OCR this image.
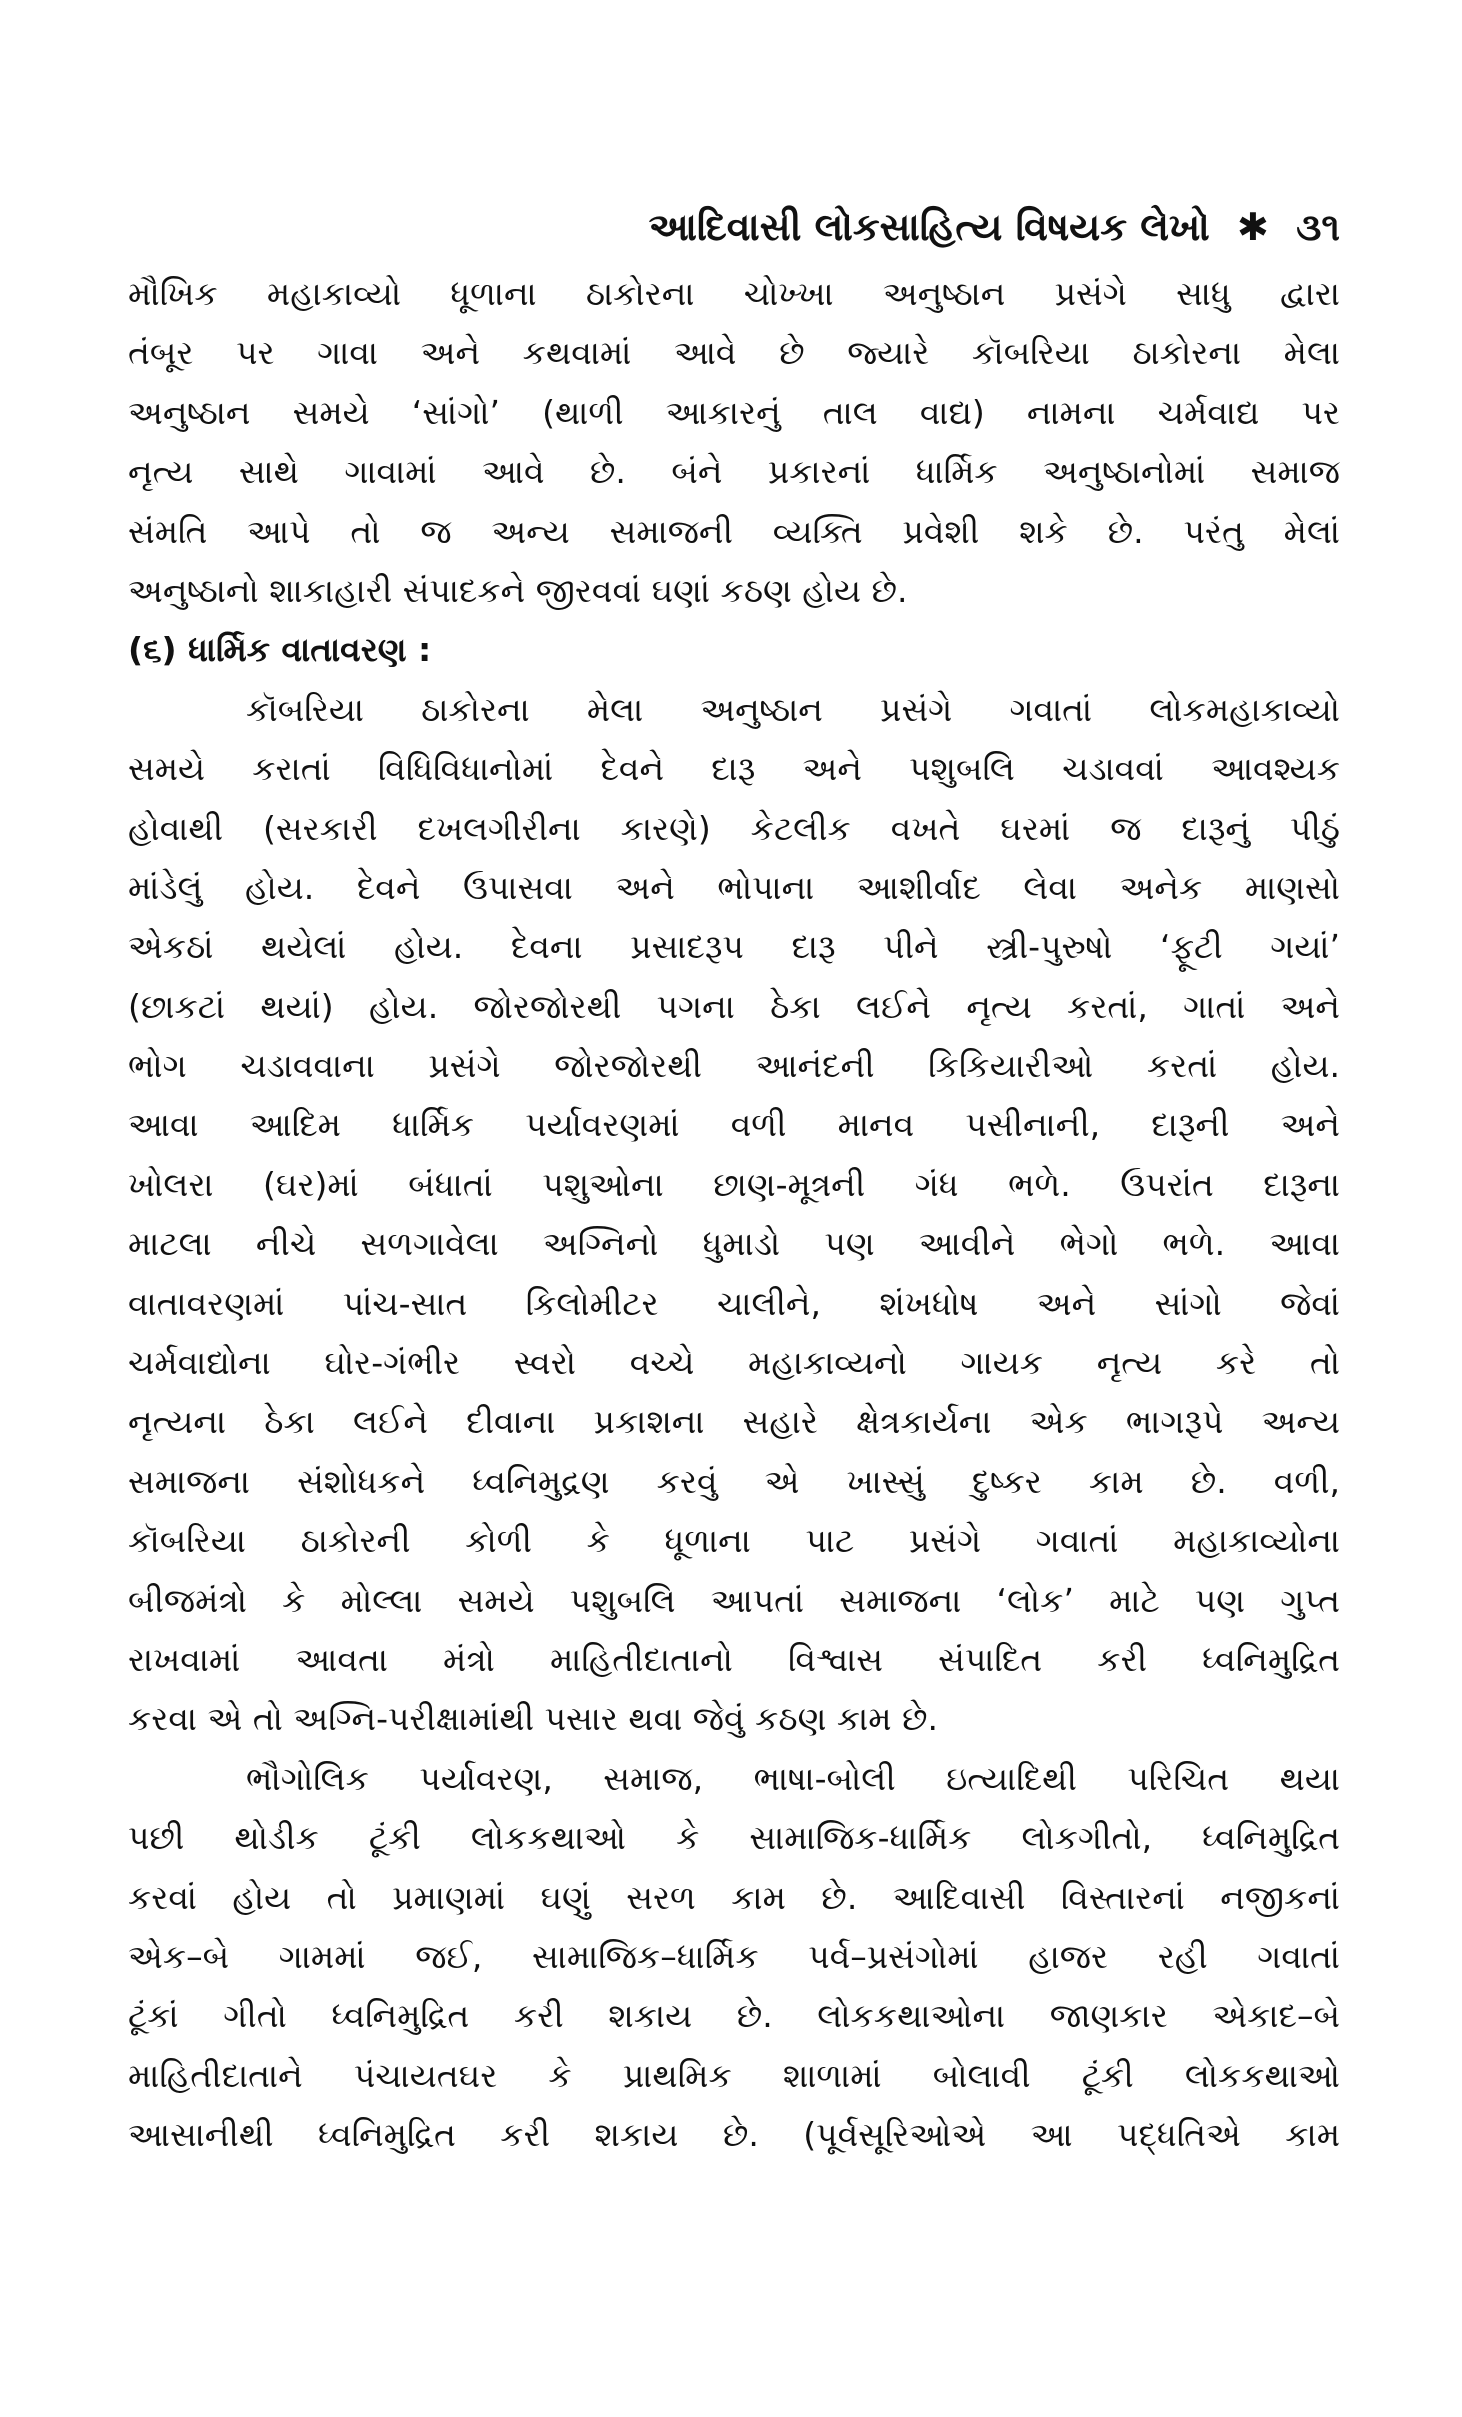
આદિવાસી લોકસાહિત્ય વિષયક લેખો ✱ ૩૧
મૌખિક મહાકાવ્યો ધૂળાના ઠાકોરના ચોખ્ખા અનુષ્ઠાન પ્રસંગે સાધુ દ્વારા
તંબૂર પર ગાવા અને કથવામાં આવે છે જ્યારે કૉબરિયા ઠાકોરના મેલા
અનુષ્ઠાન સમયે ‘સાંગો’ (થાળી આકારનું તાલ વાદ્ય) નામના ચર્મવાદ્ય પર
નૃત્ય સાથે ગાવામાં આવે છે. બંને પ્રકારનાં ધાર્મિક અનુષ્ઠાનોમાં સમાજ
સંમતિ આપે તો જ અન્ય સમાજની વ્યક્તિ પ્રવેશી શકે છે. પરંતુ મેલાં
અનુષ્ઠાનો શાકાહારી સંપાદકને જીરવવાં ઘણાં કઠણ હોય છે.
(૬) ધાર્મિક વાતાવરણ :
કૉબરિયા ઠાકોરના મેલા અનુષ્ઠાન પ્રસંગે ગવાતાં લોકમહાકાવ્યો
સમયે કરાતાં વિધિવિધાનોમાં દેવને દારૂ અને પશુબલિ ચડાવવાં આવશ્યક
હોવાથી (સરકારી દખલગીરીના કારણે) કેટલીક વખતે ઘરમાં જ દારૂનું પીઠું
માંડેલું હોય. દેવને ઉપાસવા અને ભોપાના આશીર્વાદ લેવા અનેક માણસો
એકઠાં થયેલાં હોય. દેવના પ્રસાદરૂપ દારૂ પીને સ્ત્રી-પુરુષો ‘ફૂટી ગયાં’
(છાકટાં થયાં) હોય. જોરજોરથી પગના ઠેકા લઈને નૃત્ય કરતાં, ગાતાં અને
ભોગ ચડાવવાના પ્રસંગે જોરજોરથી આનંદની કિકિયારીઓ કરતાં હોય.
આવા આદિમ ધાર્મિક પર્યાવરણમાં વળી માનવ પસીનાની, દારૂની અને
ખોલરા (ઘર)માં બંધાતાં પશુઓના છાણ-મૂત્રની ગંધ ભળે. ઉપરાંત દારૂના
માટલા નીચે સળગાવેલા અગ્નિનો ધુમાડો પણ આવીને ભેગો ભળે. આવા
વાતાવરણમાં પાંચ-સાત કિલોમીટર ચાલીને, શંખધોષ અને સાંગો જેવાં
ચર્મવાદ્યોના ઘોર-ગંભીર સ્વરો વચ્ચે મહાકાવ્યનો ગાયક નૃત્ય કરે તો
નૃત્યના ઠેકા લઈને દીવાના પ્રકાશના સહારે ક્ષેત્રકાર્યના એક ભાગરૂપે અન્ય
સમાજના સંશોધકને ધ્વનિમુદ્રણ કરવું એ ખાસ્સું દુષ્કર કામ છે. વળી,
કૉબરિયા ઠાકોરની કોળી કે ધૂળાના પાટ પ્રસંગે ગવાતાં મહાકાવ્યોના
બીજમંત્રો કે મોલ્લા સમયે પશુબલિ આપતાં સમાજના ‘લોક’ માટે પણ ગુપ્ત
રાખવામાં આવતા મંત્રો માહિતીદાતાનો વિશ્વાસ સંપાદિત કરી ધ્વનિમુદ્રિત
કરવા એ તો અગ્નિ-પરીક્ષામાંથી પસાર થવા જેવું કઠણ કામ છે.
ભૌગોલિક પર્યાવરણ, સમાજ, ભાષા-બોલી ઇત્યાદિથી પરિચિત થયા
પછી થોડીક ટૂંકી લોકકથાઓ કે સામાજિક-ધાર્મિક લોકગીતો, ધ્વનિમુદ્રિત
કરવાં હોય તો પ્રમાણમાં ઘણું સરળ કામ છે. આદિવાસી વિસ્તારનાં નજીકનાં
એક–બે ગામમાં જઈ, સામાજિક–ધાર્મિક પર્વ–પ્રસંગોમાં હાજર રહી ગવાતાં
ટૂંકાં ગીતો ધ્વનિમુદ્રિત કરી શકાય છે. લોકકથાઓના જાણકાર એકાદ–બે
માહિતીદાતાને પંચાયતઘર કે પ્રાથમિક શાળામાં બોલાવી ટૂંકી લોકકથાઓ
આસાનીથી ધ્વનિમુદ્રિત કરી શકાય છે. (પૂર્વસૂરિઓએ આ પદ્ધતિએ કામ
